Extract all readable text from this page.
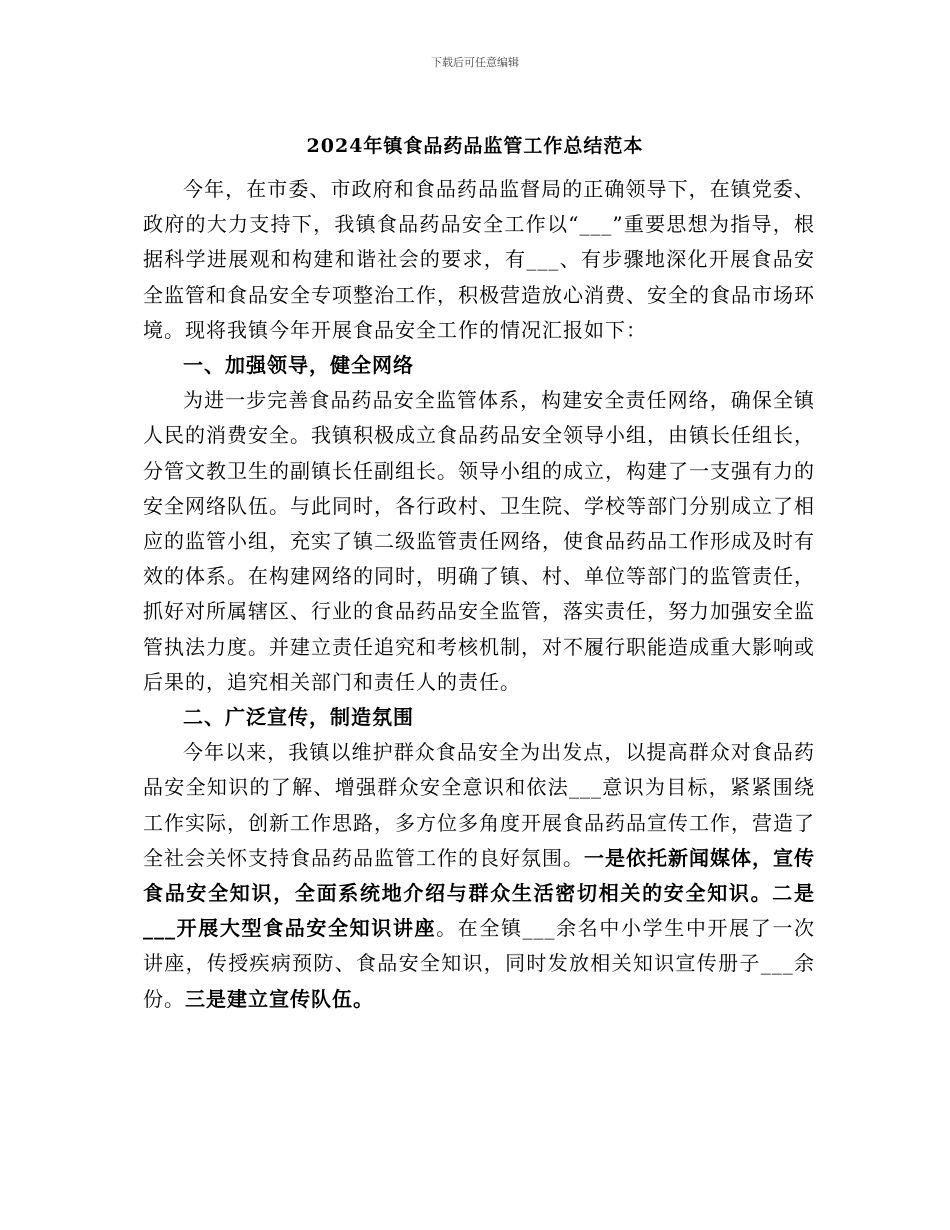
下载后可任意编辑
2024年镇食品药品监管工作总结范本

今年，在市委、市政府和食品药品监督局的正确领导下，在镇党委、政府的大力支持下，我镇食品药品安全工作以“___”重要思想为指导，根据科学进展观和构建和谐社会的要求，有___、有步骤地深化开展食品安全监管和食品安全专项整治工作，积极营造放心消费、安全的食品市场环境。现将我镇今年开展食品安全工作的情况汇报如下：

一、加强领导，健全网络

为进一步完善食品药品安全监管体系，构建安全责任网络，确保全镇人民的消费安全。我镇积极成立食品药品安全领导小组，由镇长任组长，分管文教卫生的副镇长任副组长。领导小组的成立，构建了一支强有力的安全网络队伍。与此同时，各行政村、卫生院、学校等部门分别成立了相应的监管小组，充实了镇二级监管责任网络，使食品药品工作形成及时有效的体系。在构建网络的同时，明确了镇、村、单位等部门的监管责任，抓好对所属辖区、行业的食品药品安全监管，落实责任，努力加强安全监管执法力度。并建立责任追究和考核机制，对不履行职能造成重大影响或后果的，追究相关部门和责任人的责任。

二、广泛宣传，制造氛围

今年以来，我镇以维护群众食品安全为出发点，以提高群众对食品药品安全知识的了解、增强群众安全意识和依法___意识为目标，紧紧围绕工作实际，创新工作思路，多方位多角度开展食品药品宣传工作，营造了全社会关怀支持食品药品监管工作的良好氛围。一是依托新闻媒体，宣传食品安全知识，全面系统地介绍与群众生活密切相关的安全知识。二是___开展大型食品安全知识讲座。在全镇___余名中小学生中开展了一次讲座，传授疾病预防、食品安全知识，同时发放相关知识宣传册子___余份。三是建立宣传队伍。
